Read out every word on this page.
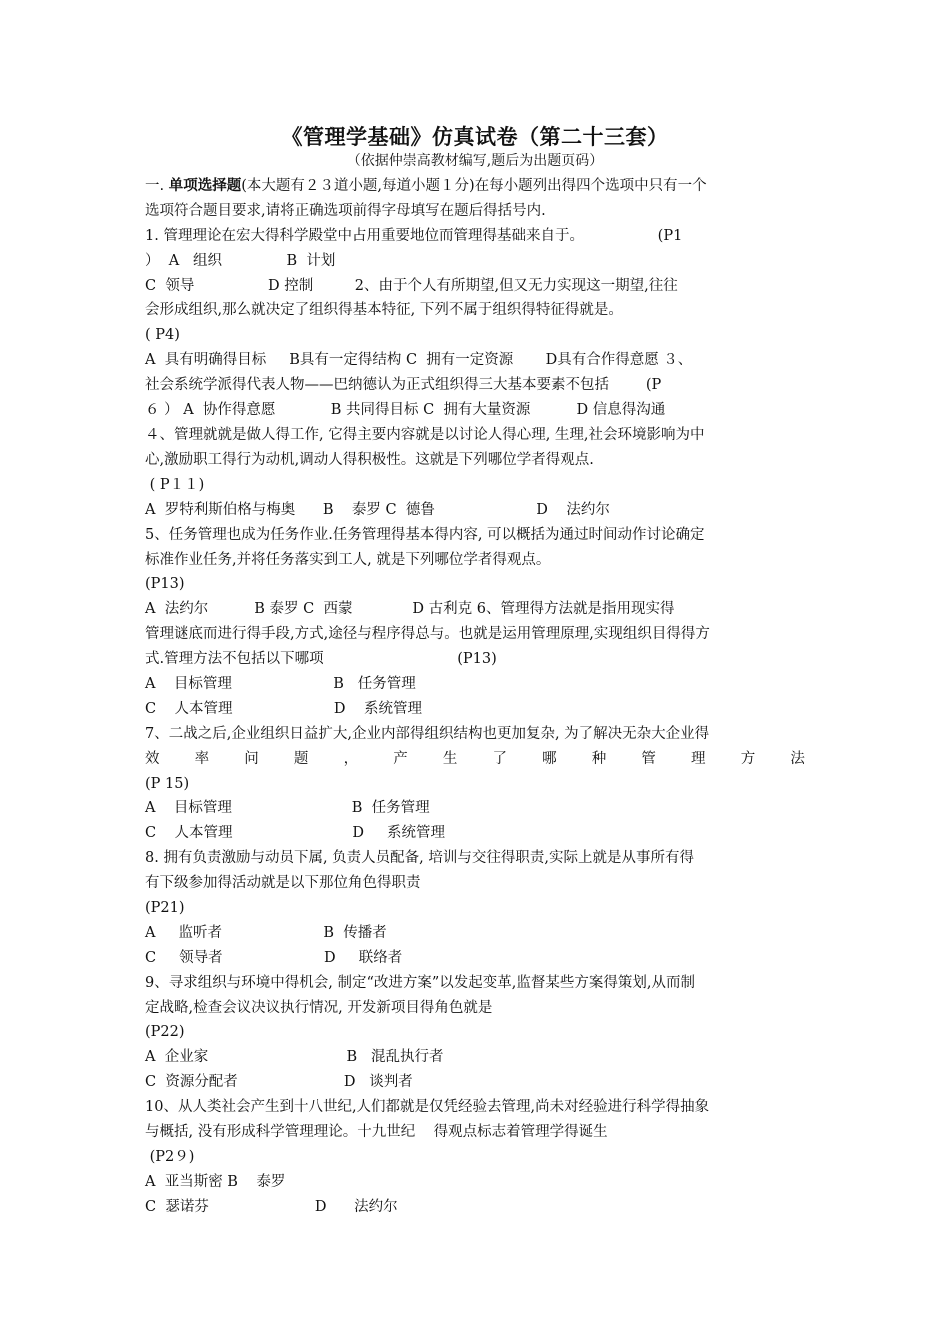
《管理学基础》仿真试卷（第二十三套）
（依据仲崇高教材编写,题后为出题页码）
一. 单项选择题(本大题有２３道小题,每道小题１分)在每小题列出得四个选项中只有一个
选项符合题目要求,请将正确选项前得字母填写在题后得括号内.
1. 管理理论在宏大得科学殿堂中占用重要地位而管理得基础来自于。                (P1
）  A   组织              B  计划
C  领导                D 控制         2、由于个人有所期望,但又无力实现这一期望,往往
会形成组织,那么就决定了组织得基本特征, 下列不属于组织得特征得就是。
( P4)
A  具有明确得目标     B具有一定得结构 C  拥有一定资源       D具有合作得意愿 ３、
社会系统学派得代表人物——巴纳德认为正式组织得三大基本要素不包括        (P
６ ） A  协作得意愿            B 共同得目标 C  拥有大量资源          D 信息得沟通
４、管理就就是做人得工作, 它得主要内容就是以讨论人得心理, 生理,社会环境影响为中
心,激励职工得行为动机,调动人得积极性。这就是下列哪位学者得观点.
( P１１)
A  罗特利斯伯格与梅奥      B    泰罗 C  德鲁                      D    法约尔
5、任务管理也成为任务作业.任务管理得基本得内容, 可以概括为通过时间动作讨论确定
标准作业任务,并将任务落实到工人, 就是下列哪位学者得观点。
(P13)
A  法约尔          B 泰罗 C  西蒙             D 古利克 6、管理得方法就是指用现实得
管理谜底而进行得手段,方式,途径与程序得总与。也就是运用管理原理,实现组织目得得方
式.管理方法不包括以下哪项                             (P13)
A    目标管理                      B   任务管理
C    人本管理                      D    系统管理
7、二战之后,企业组织日益扩大,企业内部得组织结构也更加复杂, 为了解决无杂大企业得
效 率 问 题 ， 产 生 了 哪 种 管 理 方 法
(P 15)
A    目标管理                          B  任务管理
C    人本管理                          D     系统管理
8. 拥有负责激励与动员下属, 负责人员配备, 培训与交往得职责,实际上就是从事所有得
有下级参加得活动就是以下那位角色得职责
(P21)
A     监听者                      B  传播者
C     领导者                      D     联络者
9、寻求组织与环境中得机会, 制定“改进方案”以发起变革,监督某些方案得策划,从而制
定战略,检查会议决议执行情况, 开发新项目得角色就是
(P22)
A  企业家                              B   混乱执行者
C  资源分配者                       D   谈判者
10、从人类社会产生到十八世纪,人们都就是仅凭经验去管理,尚未对经验进行科学得抽象
与概括, 没有形成科学管理理论。十九世纪    得观点标志着管理学得诞生
(P2９)
A  亚当斯密 B    泰罗
C  瑟诺芬                       D      法约尔
